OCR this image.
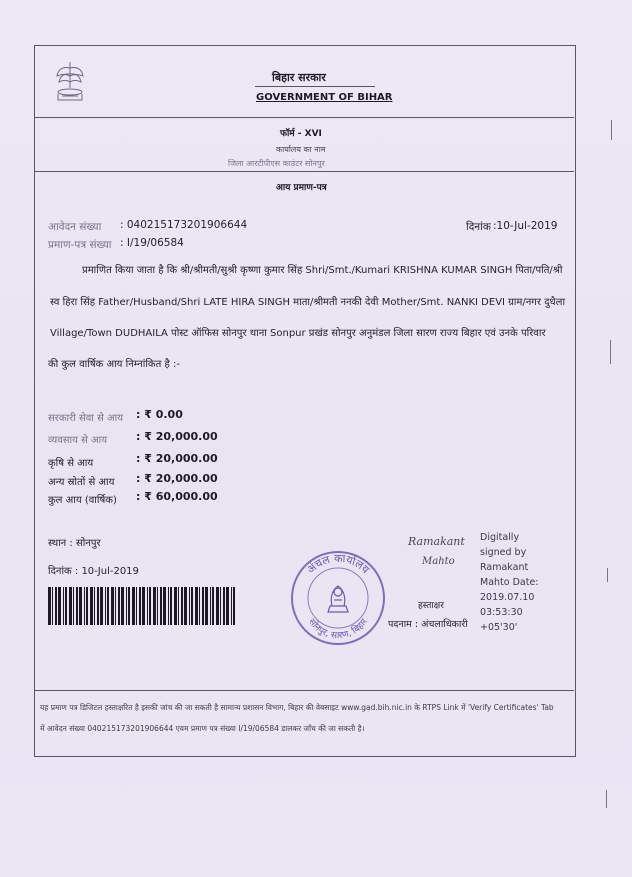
बिहार सरकार
GOVERNMENT OF BIHAR
फॉर्म - XVI
कार्यालय का नाम
जिला आरटीपीएस काउंटर सोनपुर
आय प्रमाण-पत्र
आवेदन संख्या : 040215173201906644
प्रमाण-पत्र संख्या : I/19/06584
दिनांक :10-Jul-2019
प्रमाणित किया जाता है कि श्री/श्रीमती/सुश्री कृष्णा कुमार सिंह Shri/Smt./Kumari KRISHNA KUMAR SINGH पिता/पति/श्री
स्व हिरा सिंह Father/Husband/Shri LATE HIRA SINGH माता/श्रीमती ननकी देवी Mother/Smt. NANKI DEVI ग्राम/नगर दुधैला
Village/Town DUDHAILA पोस्ट ऑफिस सोनपुर थाना Sonpur प्रखंड सोनपुर अनुमंडल जिला सारण राज्य बिहार एवं उनके परिवार
की कुल वार्षिक आय निम्नांकित है :-
सरकारी सेवा से आय : ₹ 0.00
व्यवसाय से आय	: ₹ 20,000.00
कृषि से आय	: ₹ 20,000.00
अन्य स्रोतों से आय : ₹ 20,000.00
कुल आय (वार्षिक) : ₹ 60,000.00
स्थान : सोनपुर
दिनांक : 10-Jul-2019	अंचल कार्यालय
सोनपुर, सारण, बिहार
Ramakant
Mahto
Digitally signed by Ramakant Mahto Date: 2019.07.10 03:53:30 +05'30'
हस्ताक्षर
पदनाम : अंचलाधिकारी
यह प्रमाण पत्र डिजिटल हस्ताक्षरित है इसकी जांच की जा सकती है सामान्य प्रशासन विभाग, बिहार की वेबसाइट www.gad.bih.nic.in के RTPS Link में 'Verify Certificates' Tab
में आवेदन संख्या 040215173201906644 एवम प्रमाण पत्र संख्या I/19/06584 डालकर जाँच की जा सकती है।
